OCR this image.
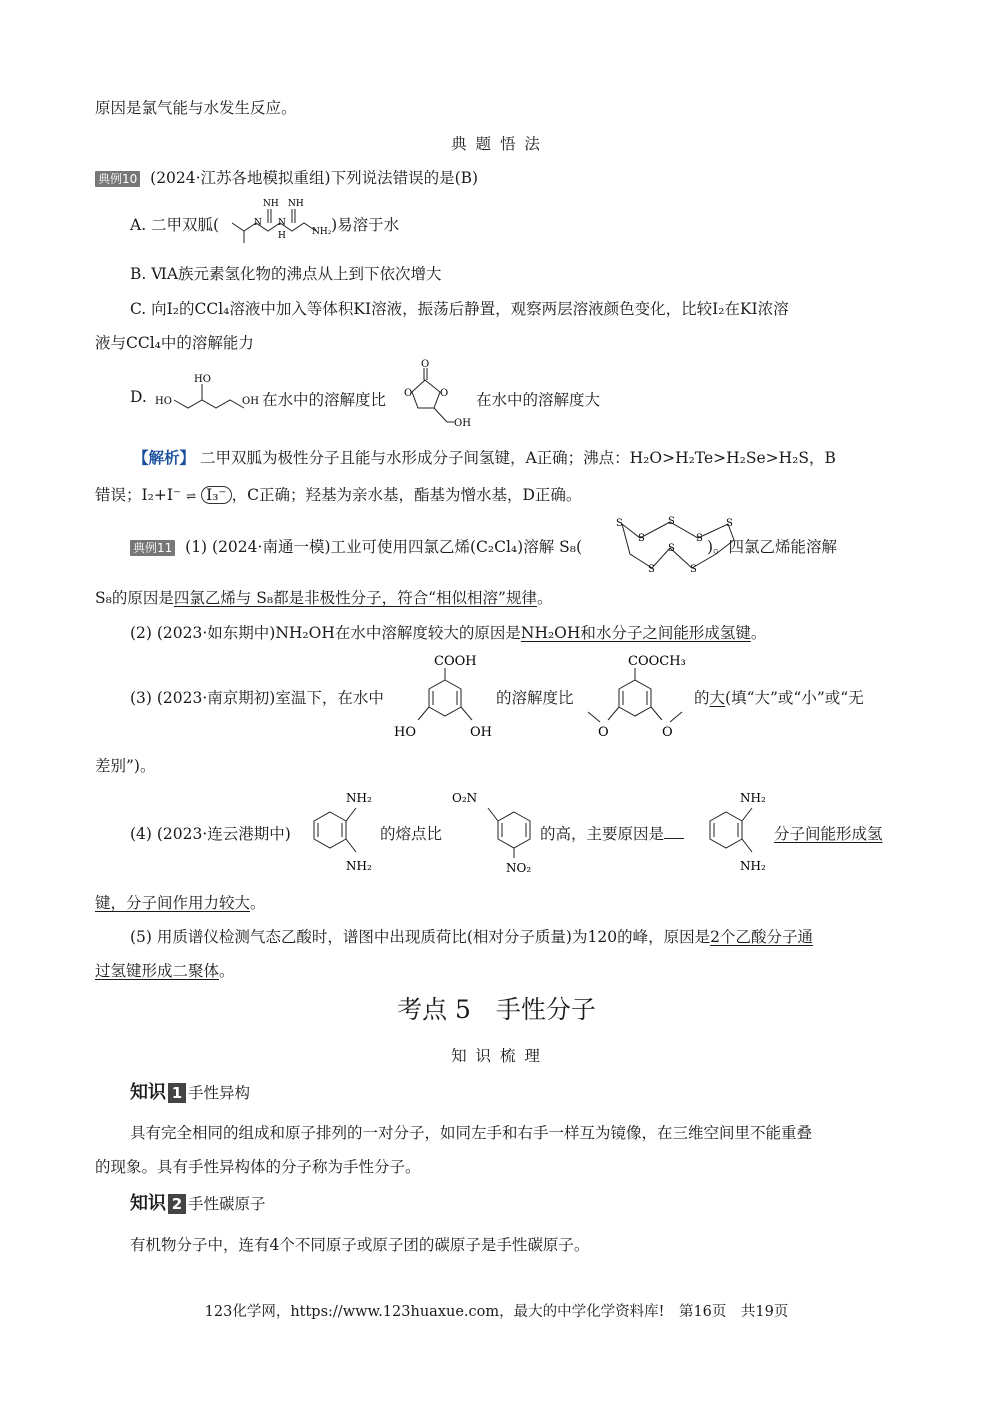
原因是氯气能与水发生反应。
典 题 悟 法
典例10 (2024·江苏各地模拟重组)下列说法错误的是(B)
A. 二甲双胍(	)易溶于水
NH NH
N N
H	NH₂
B. ⅥA族元素氢化物的沸点从上到下依次增大
C. 向I₂的CCl₄溶液中加入等体积KI溶液，振荡后静置，观察两层溶液颜色变化，比较I₂在KI浓溶
液与CCl₄中的溶解能力
D. HO
HO
OH 在水中的溶解度比
O
O	O
OH
在水中的溶解度大
【解析】 二甲双胍为极性分子且能与水形成分子间氢键，A正确；沸点：H₂O>H₂Te>H₂Se>H₂S，B
错误；I₂+I⁻ ⇌ I₃⁻ ，C正确；羟基为亲水基，酯基为憎水基，D正确。
典例11 (1) (2024·南通一模)工业可使用四氯乙烯(C₂Cl₄)溶解 S₈(	)。四氯乙烯能溶解
S
S
S
S
S
S
S
S
S₈的原因是四氯乙烯与 S₈都是非极性分子，符合“相似相溶”规律。
(2) (2023·如东期中)NH₂OH在水中溶解度较大的原因是NH₂OH和水分子之间能形成氢键。
(3) (2023·南京期初)室温下，在水中
COOH
HO	OH
的溶解度比
COOCH₃
O	O
的大(填“大”或“小”或“无
差别”)。
(4) (2023·连云港期中)
NH₂
NH₂
的熔点比
O₂N
NO₂
的高，主要原因是
NH₂
NH₂
分子间能形成氢
键，分子间作用力较大。
(5) 用质谱仪检测气态乙酸时，谱图中出现质荷比(相对分子质量)为120的峰，原因是2个乙酸分子通
过氢键形成二聚体。
考点 5　手性分子
知 识 梳 理
知识 1 手性异构
具有完全相同的组成和原子排列的一对分子，如同左手和右手一样互为镜像，在三维空间里不能重叠
的现象。具有手性异构体的分子称为手性分子。
知识 2 手性碳原子
有机物分子中，连有4个不同原子或原子团的碳原子是手性碳原子。
123化学网，https://www.123huaxue.com，最大的中学化学资料库!　第16页　共19页
